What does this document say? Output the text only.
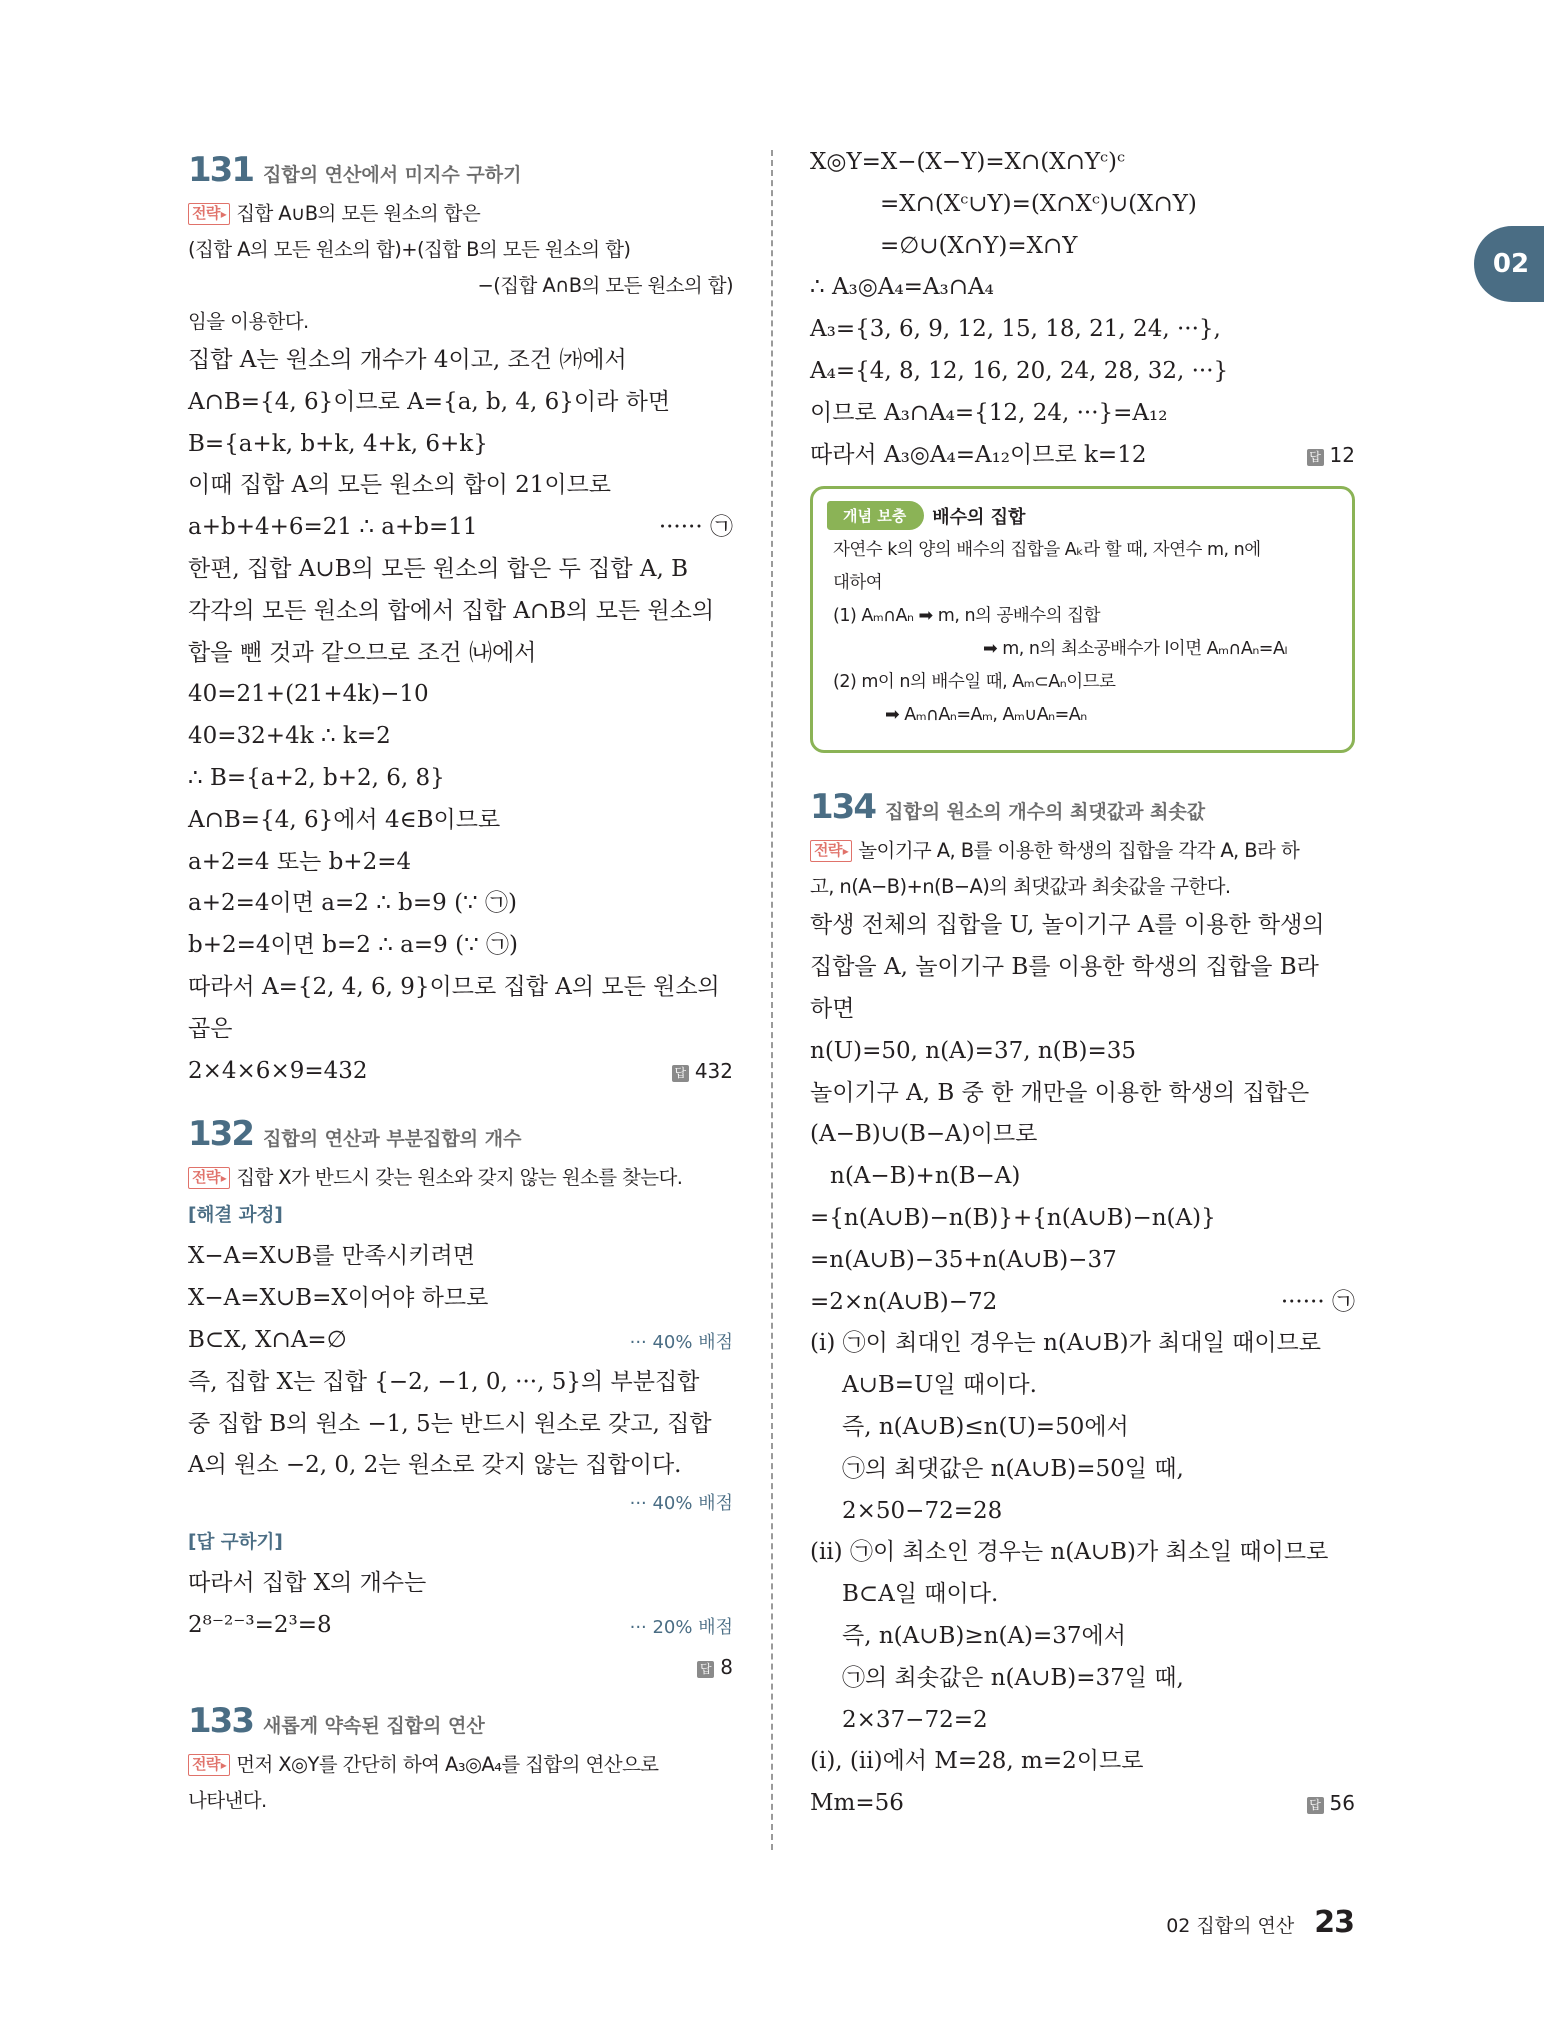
02
131 집합의 연산에서 미지수 구하기
전략 ▸ 집합 A∪B의 모든 원소의 합은
(집합 A의 모든 원소의 합)+(집합 B의 모든 원소의 합)
−(집합 A∩B의 모든 원소의 합)
임을 이용한다.
집합 A는 원소의 개수가 4이고, 조건 ㈎에서
A∩B={4, 6}이므로 A={a, b, 4, 6}이라 하면
B={a+k, b+k, 4+k, 6+k}
이때 집합 A의 모든 원소의 합이 21이므로
a+b+4+6=21 ∴ a+b=11	······ ㉠
한편, 집합 A∪B의 모든 원소의 합은 두 집합 A, B
각각의 모든 원소의 합에서 집합 A∩B의 모든 원소의
합을 뺀 것과 같으므로 조건 ㈏에서
40=21+(21+4k)−10
40=32+4k ∴ k=2
∴ B={a+2, b+2, 6, 8}
A∩B={4, 6}에서 4∈B이므로
a+2=4 또는 b+2=4
a+2=4이면 a=2 ∴ b=9 (∵ ㉠)
b+2=4이면 b=2 ∴ a=9 (∵ ㉠)
따라서 A={2, 4, 6, 9}이므로 집합 A의 모든 원소의
곱은
2×4×6×9=432	답 432
132 집합의 연산과 부분집합의 개수
전략 ▸ 집합 X가 반드시 갖는 원소와 갖지 않는 원소를 찾는다.
[해결 과정]
X−A=X∪B를 만족시키려면
X−A=X∪B=X이어야 하므로
B⊂X, X∩A=∅	··· 40% 배점
즉, 집합 X는 집합 {−2, −1, 0, ···, 5}의 부분집합
중 집합 B의 원소 −1, 5는 반드시 원소로 갖고, 집합
A의 원소 −2, 0, 2는 원소로 갖지 않는 집합이다.
··· 40% 배점
[답 구하기]
따라서 집합 X의 개수는
2⁸⁻²⁻³=2³=8	··· 20% 배점

답 8
133 새롭게 약속된 집합의 연산
전략 ▸ 먼저 X◎Y를 간단히 하여 A₃◎A₄를 집합의 연산으로
나타낸다.
X◎Y=X−(X−Y)=X∩(X∩Yᶜ)ᶜ
=X∩(Xᶜ∪Y)=(X∩Xᶜ)∪(X∩Y)
=∅∪(X∩Y)=X∩Y
∴ A₃◎A₄=A₃∩A₄
A₃={3, 6, 9, 12, 15, 18, 21, 24, ···},
A₄={4, 8, 12, 16, 20, 24, 28, 32, ···}
이므로 A₃∩A₄={12, 24, ···}=A₁₂
따라서 A₃◎A₄=A₁₂이므로 k=12	답 12
개념 보충	배수의 집합
자연수 k의 양의 배수의 집합을 Aₖ라 할 때, 자연수 m, n에
대하여
(1) Aₘ∩Aₙ ➡ m, n의 공배수의 집합
➡ m, n의 최소공배수가 l이면 Aₘ∩Aₙ=Aₗ
(2) m이 n의 배수일 때, Aₘ⊂Aₙ이므로
➡ Aₘ∩Aₙ=Aₘ, Aₘ∪Aₙ=Aₙ
134 집합의 원소의 개수의 최댓값과 최솟값
전략 ▸ 놀이기구 A, B를 이용한 학생의 집합을 각각 A, B라 하
고, n(A−B)+n(B−A)의 최댓값과 최솟값을 구한다.
학생 전체의 집합을 U, 놀이기구 A를 이용한 학생의
집합을 A, 놀이기구 B를 이용한 학생의 집합을 B라
하면
n(U)=50, n(A)=37, n(B)=35
놀이기구 A, B 중 한 개만을 이용한 학생의 집합은
(A−B)∪(B−A)이므로
n(A−B)+n(B−A)
={n(A∪B)−n(B)}+{n(A∪B)−n(A)}
=n(A∪B)−35+n(A∪B)−37
=2×n(A∪B)−72	······ ㉠
(i) ㉠이 최대인 경우는 n(A∪B)가 최대일 때이므로
A∪B=U일 때이다.
즉, n(A∪B)≤n(U)=50에서
㉠의 최댓값은 n(A∪B)=50일 때,
2×50−72=28
(ii) ㉠이 최소인 경우는 n(A∪B)가 최소일 때이므로
B⊂A일 때이다.
즉, n(A∪B)≥n(A)=37에서
㉠의 최솟값은 n(A∪B)=37일 때,
2×37−72=2
(i), (ii)에서 M=28, m=2이므로
Mm=56	답 56
02 집합의 연산 23
